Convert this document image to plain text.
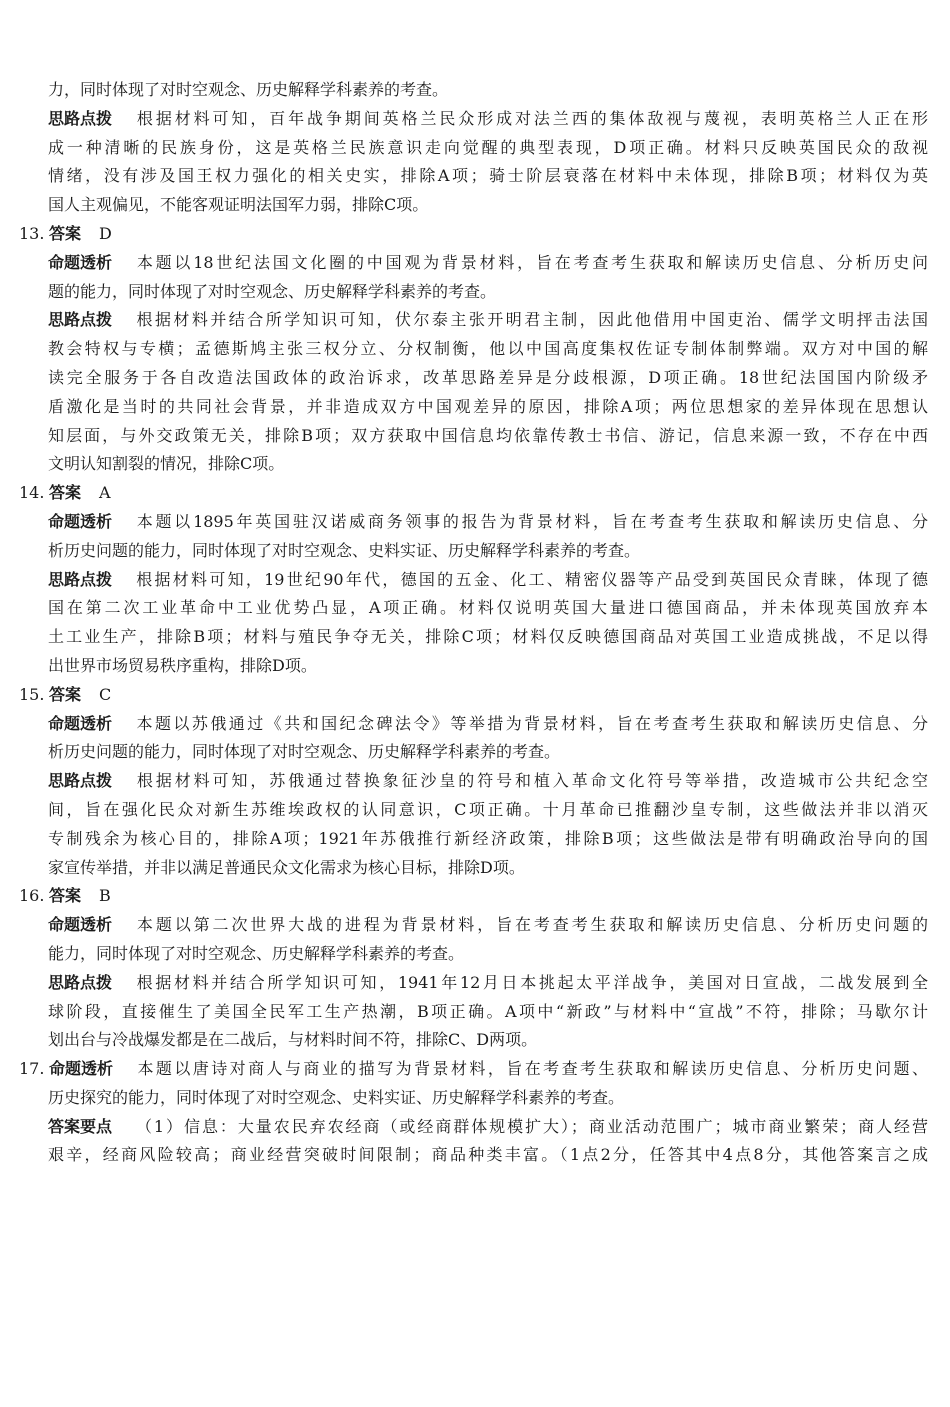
力，同时体现了对时空观念、历史解释学科素养的考查。
思路点拨 根据材料可知，百年战争期间英格兰民众形成对法兰西的集体敌视与蔑视，表明英格兰人正在形
成一种清晰的民族身份，这是英格兰民族意识走向觉醒的典型表现，D项正确。材料只反映英国民众的敌视
情绪，没有涉及国王权力强化的相关史实，排除A项；骑士阶层衰落在材料中未体现，排除B项；材料仅为英
国人主观偏见，不能客观证明法国军力弱，排除C项。
13. 答案 D
命题透析 本题以18世纪法国文化圈的中国观为背景材料，旨在考查考生获取和解读历史信息、分析历史问
题的能力，同时体现了对时空观念、历史解释学科素养的考查。
思路点拨 根据材料并结合所学知识可知，伏尔泰主张开明君主制，因此他借用中国吏治、儒学文明抨击法国
教会特权与专横；孟德斯鸠主张三权分立、分权制衡，他以中国高度集权佐证专制体制弊端。双方对中国的解
读完全服务于各自改造法国政体的政治诉求，改革思路差异是分歧根源，D项正确。18世纪法国国内阶级矛
盾激化是当时的共同社会背景，并非造成双方中国观差异的原因，排除A项；两位思想家的差异体现在思想认
知层面，与外交政策无关，排除B项；双方获取中国信息均依靠传教士书信、游记，信息来源一致，不存在中西
文明认知割裂的情况，排除C项。
14. 答案 A
命题透析 本题以1895年英国驻汉诺威商务领事的报告为背景材料，旨在考查考生获取和解读历史信息、分
析历史问题的能力，同时体现了对时空观念、史料实证、历史解释学科素养的考查。
思路点拨 根据材料可知，19世纪90年代，德国的五金、化工、精密仪器等产品受到英国民众青睐，体现了德
国在第二次工业革命中工业优势凸显，A项正确。材料仅说明英国大量进口德国商品，并未体现英国放弃本
土工业生产，排除B项；材料与殖民争夺无关，排除C项；材料仅反映德国商品对英国工业造成挑战，不足以得
出世界市场贸易秩序重构，排除D项。
15. 答案 C
命题透析 本题以苏俄通过《共和国纪念碑法令》等举措为背景材料，旨在考查考生获取和解读历史信息、分
析历史问题的能力，同时体现了对时空观念、历史解释学科素养的考查。
思路点拨 根据材料可知，苏俄通过替换象征沙皇的符号和植入革命文化符号等举措，改造城市公共纪念空
间，旨在强化民众对新生苏维埃政权的认同意识，C项正确。十月革命已推翻沙皇专制，这些做法并非以消灭
专制残余为核心目的，排除A项；1921年苏俄推行新经济政策，排除B项；这些做法是带有明确政治导向的国
家宣传举措，并非以满足普通民众文化需求为核心目标，排除D项。
16. 答案 B
命题透析 本题以第二次世界大战的进程为背景材料，旨在考查考生获取和解读历史信息、分析历史问题的
能力，同时体现了对时空观念、历史解释学科素养的考查。
思路点拨 根据材料并结合所学知识可知，1941年12月日本挑起太平洋战争，美国对日宣战，二战发展到全
球阶段，直接催生了美国全民军工生产热潮，B项正确。A项中“新政”与材料中“宣战”不符，排除；马歇尔计
划出台与冷战爆发都是在二战后，与材料时间不符，排除C、D两项。
17. 命题透析 本题以唐诗对商人与商业的描写为背景材料，旨在考查考生获取和解读历史信息、分析历史问题、
历史探究的能力，同时体现了对时空观念、史料实证、历史解释学科素养的考查。
答案要点 （1）信息：大量农民弃农经商（或经商群体规模扩大）；商业活动范围广；城市商业繁荣；商人经营
艰辛，经商风险较高；商业经营突破时间限制；商品种类丰富。（1点2分，任答其中4点8分，其他答案言之成
